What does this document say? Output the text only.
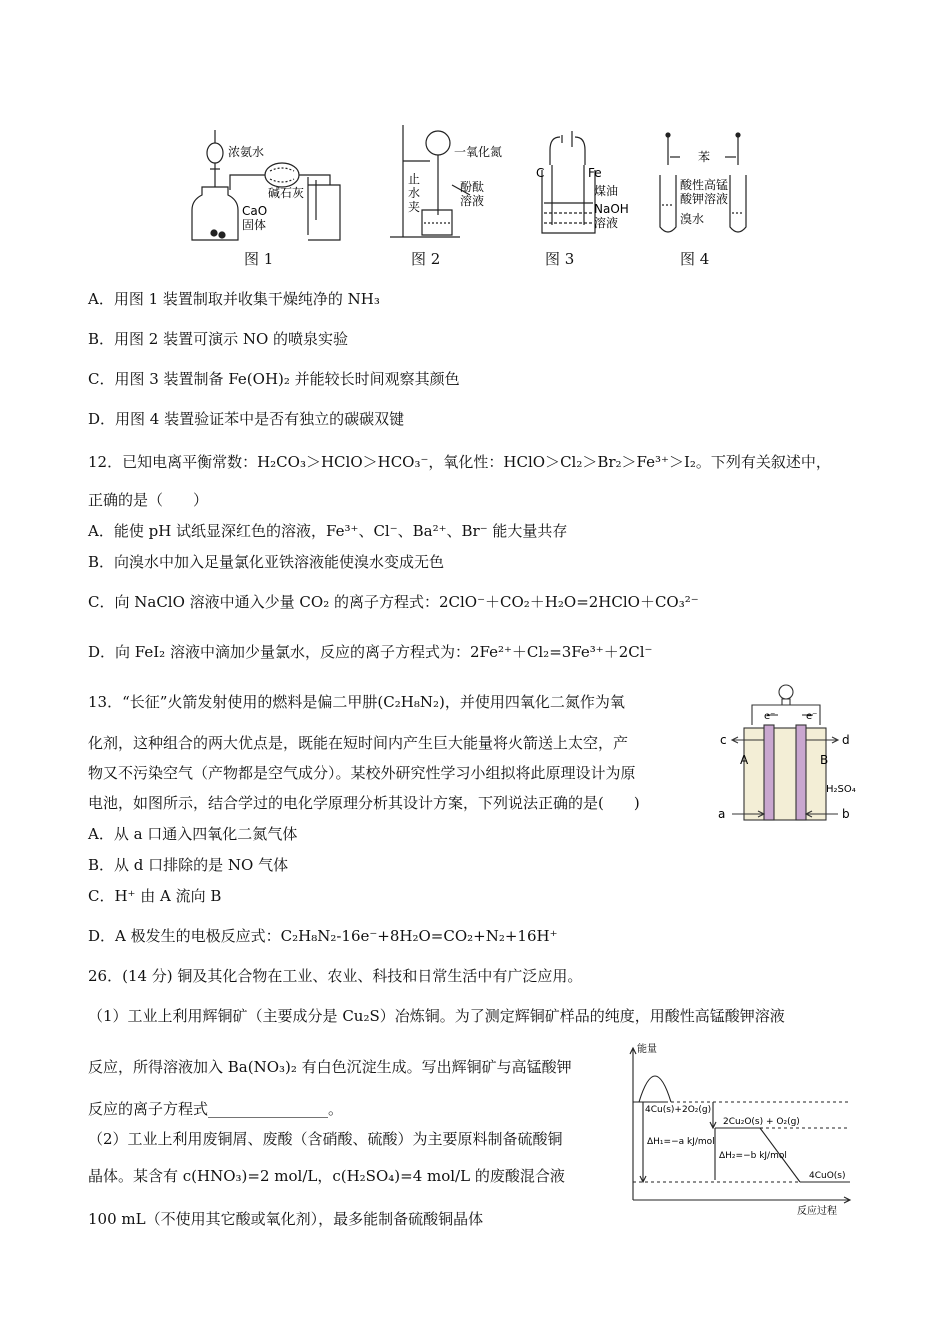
浓氨水
碱石灰
CaO
固体
一氧化氮
止
水
夹
酚酞
溶液
C	Fe
煤油
NaOH
溶液
苯
酸性高锰
酸钾溶液
溴水
图 1	图 2	图 3	图 4
A．用图 1 装置制取并收集干燥纯净的 NH₃
B．用图 2 装置可演示 NO 的喷泉实验
C．用图 3 装置制备 Fe(OH)₂ 并能较长时间观察其颜色
D．用图 4 装置验证苯中是否有独立的碳碳双键
12．已知电离平衡常数：H₂CO₃＞HClO＞HCO₃⁻，氧化性：HClO＞Cl₂＞Br₂＞Fe³⁺＞I₂。下列有关叙述中，
正确的是（　　）
A．能使 pH 试纸显深红色的溶液，Fe³⁺、Cl⁻、Ba²⁺、Br⁻ 能大量共存
B．向溴水中加入足量氯化亚铁溶液能使溴水变成无色
C．向 NaClO 溶液中通入少量 CO₂ 的离子方程式：2ClO⁻＋CO₂＋H₂O=2HClO＋CO₃²⁻
D．向 FeI₂ 溶液中滴加少量氯水，反应的离子方程式为：2Fe²⁺＋Cl₂=3Fe³⁺＋2Cl⁻
13．“长征”火箭发射使用的燃料是偏二甲肼(C₂H₈N₂)，并使用四氧化二氮作为氧
化剂，这种组合的两大优点是，既能在短时间内产生巨大能量将火箭送上太空，产
物又不污染空气（产物都是空气成分）。某校外研究性学习小组拟将此原理设计为原
电池，如图所示，结合学过的电化学原理分析其设计方案，下列说法正确的是(　　)
A．从 a 口通入四氧化二氮气体
B．从 d 口排除的是 NO 气体
C．H⁺ 由 A 流向 B
D．A 极发生的电极反应式：C₂H₈N₂-16e⁻+8H₂O=CO₂+N₂+16H⁺
e⁻	e⁻
c	d
A	B
H₂SO₄
a	b
26．(14 分) 铜及其化合物在工业、农业、科技和日常生活中有广泛应用。
（1）工业上利用辉铜矿（主要成分是 Cu₂S）冶炼铜。为了测定辉铜矿样品的纯度，用酸性高锰酸钾溶液
反应，所得溶液加入 Ba(NO₃)₂ 有白色沉淀生成。写出辉铜矿与高锰酸钾
反应的离子方程式________________。
（2）工业上利用废铜屑、废酸（含硝酸、硫酸）为主要原料制备硫酸铜
晶体。某含有 c(HNO₃)=2 mol/L，c(H₂SO₄)=4 mol/L 的废酸混合液
100 mL（不使用其它酸或氧化剂），最多能制备硫酸铜晶体
能量
反应过程
4Cu(s)+2O₂(g)
2Cu₂O(s) + O₂(g)
4CuO(s)
ΔH₁=−a kJ/mol
ΔH₂=−b kJ/mol
